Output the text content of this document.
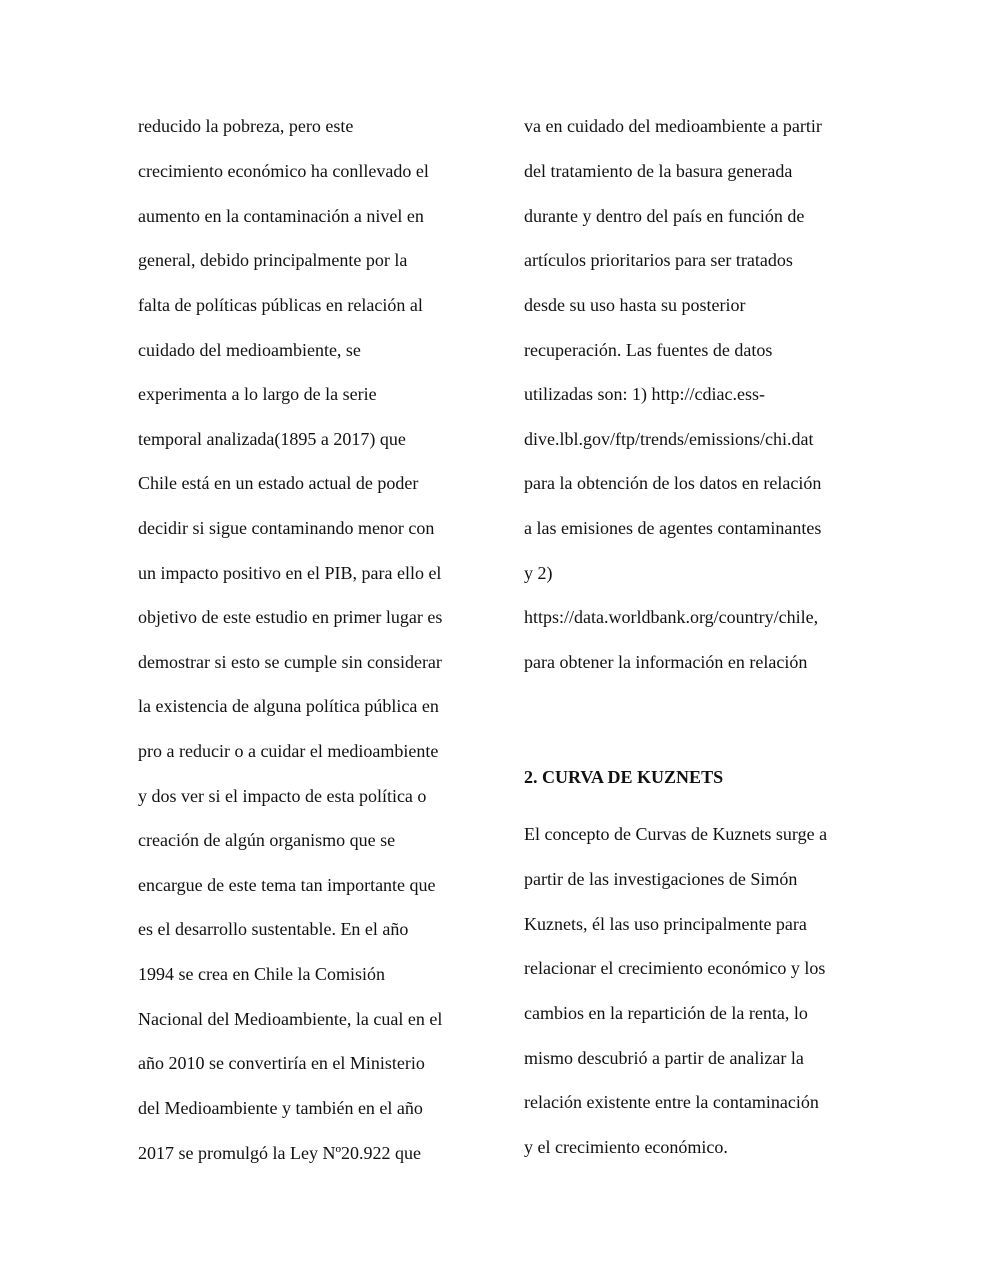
reducido la pobreza, pero este
crecimiento económico ha conllevado el
aumento en la contaminación a nivel en
general, debido principalmente por la
falta de políticas públicas en relación al
cuidado del medioambiente, se
experimenta a lo largo de la serie
temporal analizada(1895 a 2017) que
Chile está en un estado actual de poder
decidir si sigue contaminando menor con
un impacto positivo en el PIB, para ello el
objetivo de este estudio en primer lugar es
demostrar si esto se cumple sin considerar
la existencia de alguna política pública en
pro a reducir o a cuidar el medioambiente
y dos ver si el impacto de esta política o
creación de algún organismo que se
encargue de este tema tan importante que
es el desarrollo sustentable. En el año
1994 se crea en Chile la Comisión
Nacional del Medioambiente, la cual en el
año 2010 se convertiría en el Ministerio
del Medioambiente y también en el año
2017 se promulgó la Ley Nº20.922 que
va en cuidado del medioambiente a partir
del tratamiento de la basura generada
durante y dentro del país en función de
artículos prioritarios para ser tratados
desde su uso hasta su posterior
recuperación. Las fuentes de datos
utilizadas son: 1) http://cdiac.ess-
dive.lbl.gov/ftp/trends/emissions/chi.dat
para la obtención de los datos en relación
a las emisiones de agentes contaminantes
y 2)
https://data.worldbank.org/country/chile,
para obtener la información en relación
2. CURVA DE KUZNETS
El concepto de Curvas de Kuznets surge a
partir de las investigaciones de Simón
Kuznets, él las uso principalmente para
relacionar el crecimiento económico y los
cambios en la repartición de la renta, lo
mismo descubrió a partir de analizar la
relación existente entre la contaminación
y el crecimiento económico.
